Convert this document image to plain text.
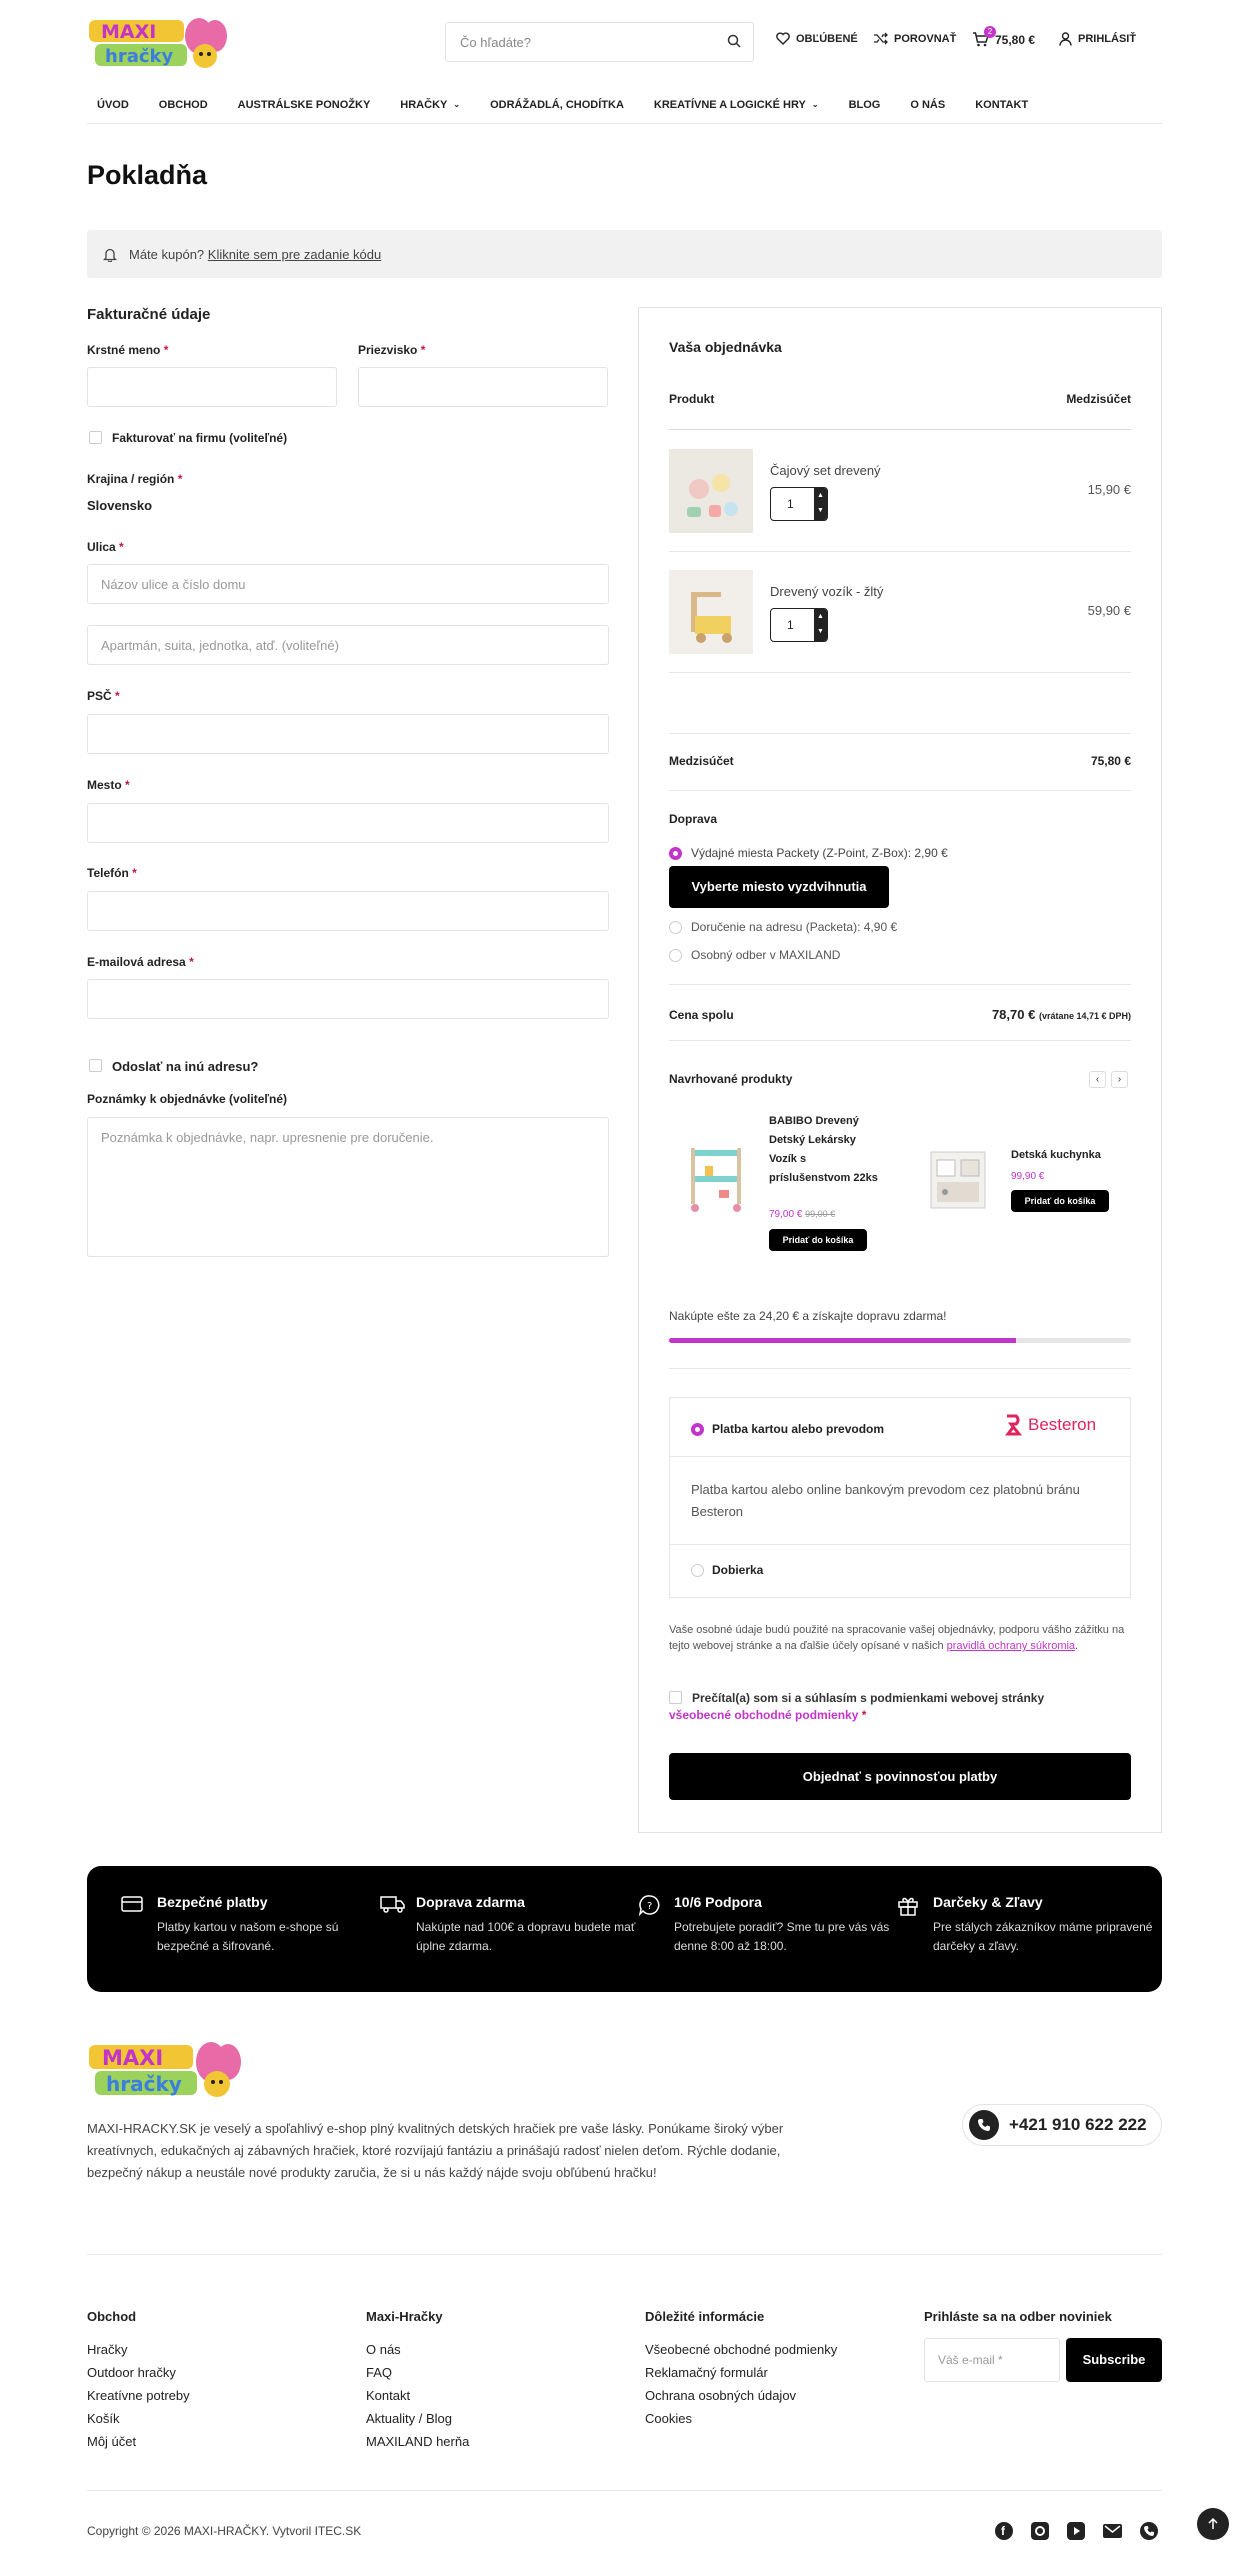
MAXI
hračky
Čo hľadáte?	OBĽÚBENÉ	POROVNAŤ	75,80 €
2
PRIHLÁSIŤ
ÚVOD	OBCHOD	AUSTRÁLSKE PONOŽKY	HRAČKY ⌄	ODRÁŽADLÁ, CHODÍTKA	KREATÍVNE A LOGICKÉ HRY ⌄	BLOG	O NÁS	KONTAKT
Pokladňa
Máte kupón? Kliknite sem pre zadanie kódu
Fakturačné údaje
Krstné meno *	Priezvisko *
Fakturovať na firmu (voliteľné)
Krajina / región *
Slovensko
Ulica *
Názov ulice a číslo domu
Apartmán, suita, jednotka, atď. (voliteľné)
PSČ *
Mesto *
Telefón *
E-mailová adresa *
Odoslať na inú adresu?
Poznámky k objednávke (voliteľné)
Poznámka k objednávke, napr. upresnenie pre doručenie.
Vaša objednávka
Produkt	Medzisúčet
Čajový set drevený
1
▲
▼
15,90 €
Drevený vozík - žltý
1
▲
▼
59,90 €
Medzisúčet	75,80 €
Doprava
Výdajné miesta Packety (Z-Point, Z-Box): 2,90 €
Vyberte miesto vyzdvihnutia
Doručenie na adresu (Packeta): 4,90 €
Osobný odber v MAXILAND
Cena spolu	78,70 € (vrátane 14,71 € DPH)
Navrhované produkty	‹	›
BABIBO Drevený Detský Lekársky Vozík s príslušenstvom 22ks
79,00 € 99,00 €
Pridať do košíka
Detská kuchynka
99,90 €
Pridať do košíka
Nakúpte ešte za 24,20 € a získajte dopravu zdarma!
Platba kartou alebo prevodom	Besteron
Platba kartou alebo online bankovým prevodom cez platobnú bránu Besteron
Dobierka
Vaše osobné údaje budú použité na spracovanie vašej objednávky, podporu vášho zážitku na tejto webovej stránke a na ďalšie účely opísané v našich pravidlá ochrany súkromia.
Prečítal(a) som si a súhlasím s podmienkami webovej stránky
všeobecné obchodné podmienky *
Objednať s povinnosťou platby
Bezpečné platby
Platby kartou v našom e-shope sú bezpečné a šifrované.
Doprava zdarma
Nakúpte nad 100€ a dopravu budete mať úplne zdarma.
? 10/6 Podpora
Potrebujete poradiť? Sme tu pre vás vás denne 8:00 až 18:00.
Darčeky & Zľavy
Pre stálych zákazníkov máme pripravené darčeky a zľavy.
MAXI
hračky
MAXI-HRACKY.SK je veselý a spoľahlivý e-shop plný kvalitných detských hračiek pre vaše lásky. Ponúkame široký výber kreatívnych, edukačných aj zábavných hračiek, ktoré rozvíjajú fantáziu a prinášajú radosť nielen deťom. Rýchle dodanie, bezpečný nákup a neustále nové produkty zaručia, že si u nás každý nájde svoju obľúbenú hračku!
+421 910 622 222
Obchod
Hračky
Outdoor hračky
Kreatívne potreby
Košík
Môj účet
Maxi-Hračky
O nás
FAQ
Kontakt
Aktuality / Blog
MAXILAND herňa
Dôležité informácie
Všeobecné obchodné podmienky
Reklamačný formulár
Ochrana osobných údajov
Cookies
Prihláste sa na odber noviniek
Váš e-mail *	Subscribe
Copyright © 2026 MAXI-HRAČKY. Vytvoril ITEC.SK	f
